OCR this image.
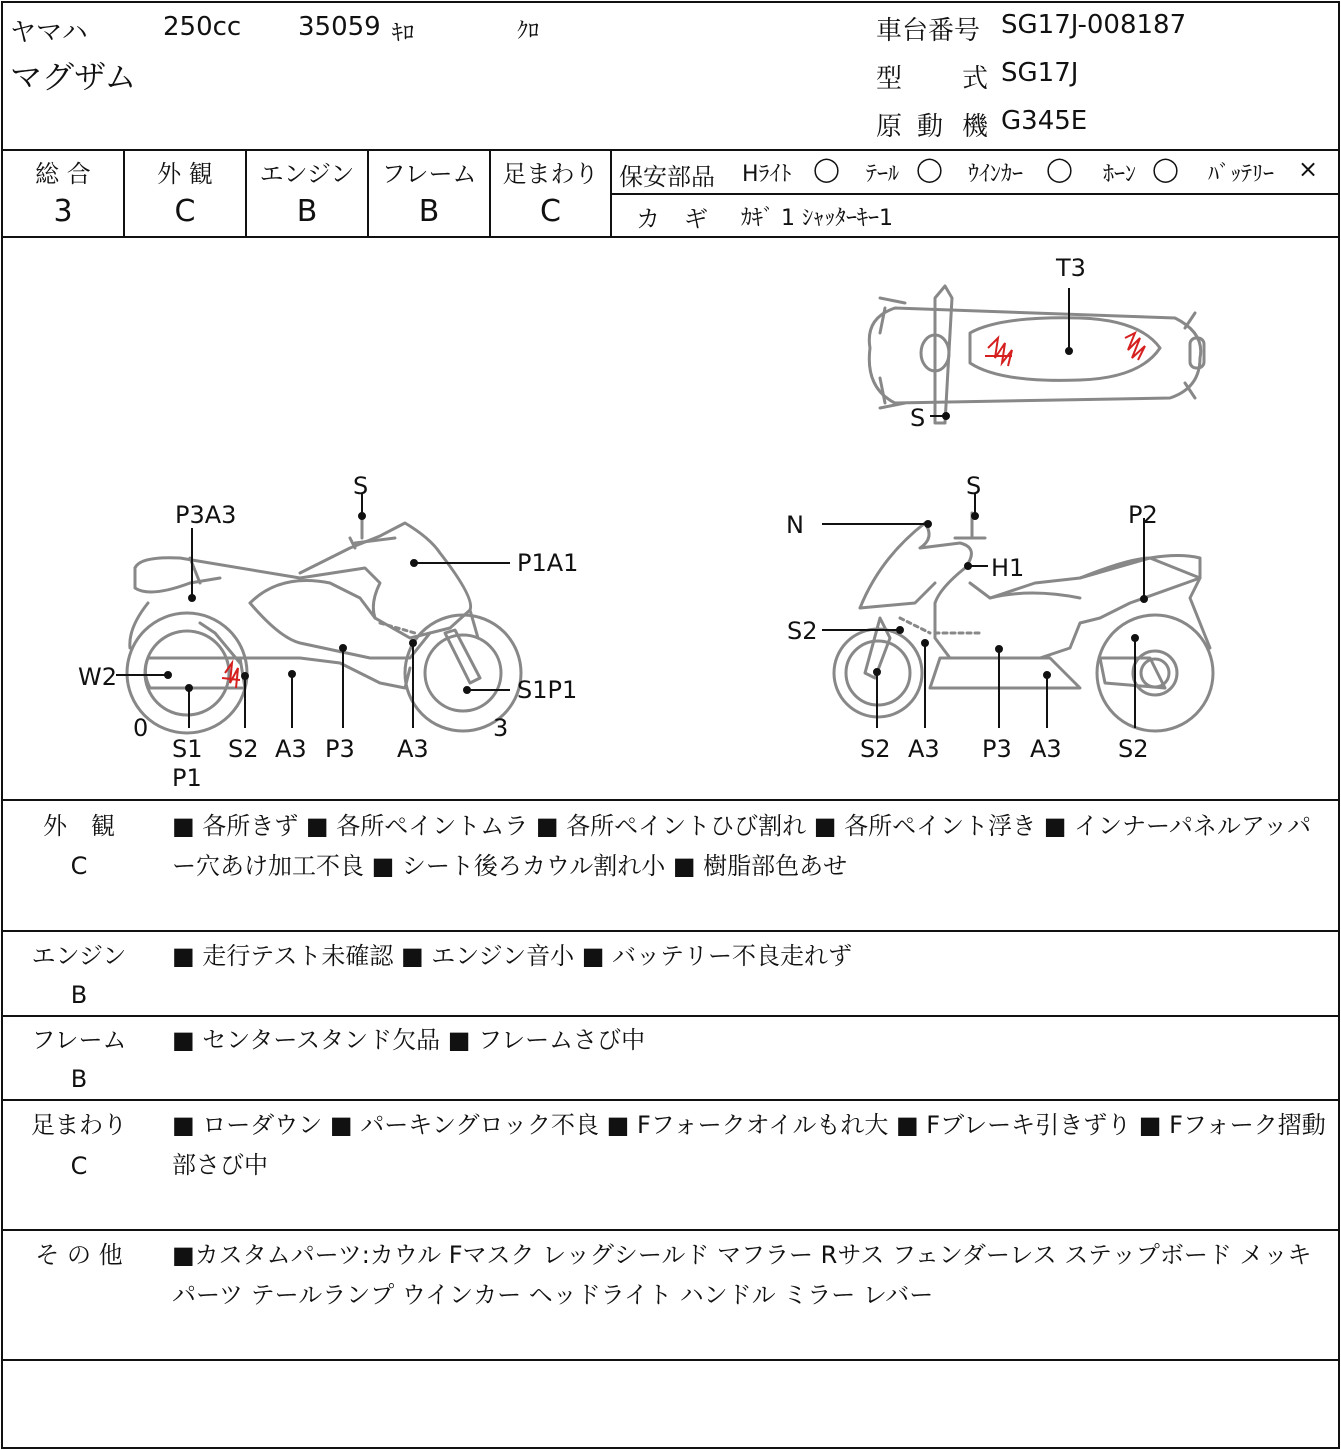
ヤマハ
マグザム
250cc 35059 ｷﾛ	ｸﾛ	車台番号 SG17J-008187
型 式 SG17J
原 動 機 G345E
総 合
3
外 観
C
エンジン
B
フレーム
B
足まわり
C
保安部品 Hﾗｲﾄ ◯ ﾃｰﾙ ◯ ｳｲﾝｶｰ ◯ ﾎｰﾝ ◯ ﾊﾞｯﾃﾘｰ ×
カ　ギ ｶｷﾞ 1 ｼｬｯﾀｰｷｰ1
T3
S
S
P3A3
P1A1
W2	S1P1
0	3
S1
P1
S2 A3 P3 A3
S
N	P2
H1
S2
S2 A3 P3 A3 S2
外　観
C
■ 各所きず ■ 各所ペイントムラ ■ 各所ペイントひび割れ ■ 各所ペイント浮き ■ インナーパネルアッパー穴あけ加工不良 ■ シート後ろカウル割れ小 ■ 樹脂部色あせ
エンジン
B
■ 走行テスト未確認 ■ エンジン音小 ■ バッテリー不良走れず
フレーム
B
■ センタースタンド欠品 ■ フレームさび中
足まわり
C
■ ローダウン ■ パーキングロック不良 ■ Fフォークオイルもれ大 ■ Fブレーキ引きずり ■ Fフォーク摺動部さび中
そ の 他	■カスタムパーツ:カウル Fマスク レッグシールド マフラー Rサス フェンダーレス ステップボード メッキパーツ テールランプ ウインカー ヘッドライト ハンドル ミラー レバー
